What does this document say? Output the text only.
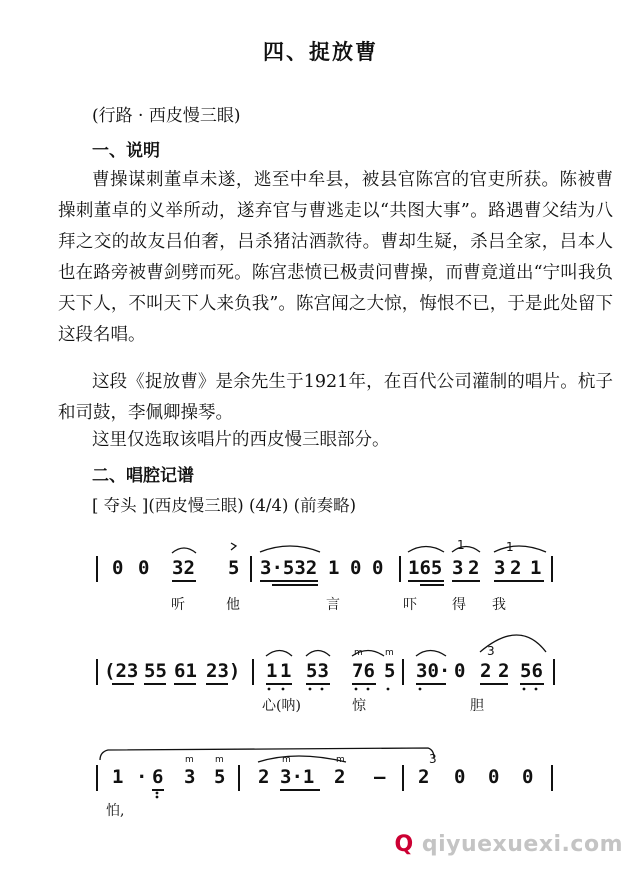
四、捉放曹
(行路 · 西皮慢三眼)
一、说明
曹操谋刺董卓未遂，逃至中牟县，被县官陈宫的官吏所获。陈被曹操刺董卓的义举所动，遂弃官与曹逃走以“共图大事”。路遇曹父结为八拜之交的故友吕伯奢，吕杀猪沽酒款待。曹却生疑，杀吕全家，吕本人也在路旁被曹剑劈而死。陈宫悲愤已极责问曹操，而曹竟道出“宁叫我负天下人，不叫天下人来负我”。陈宫闻之大惊，悔恨不已，于是此处留下这段名唱。
这段《捉放曹》是余先生于1921年，在百代公司灌制的唱片。杭子和司鼓，李佩卿操琴。
这里仅选取该唱片的西皮慢三眼部分。
二、唱腔记谱
[ 夺头 ](西皮慢三眼) (4/4) (前奏略)
0 0 32 5 3·532 1 0 0 165 3 2 3 2 1
1	1
听	他	言	吓	得 我
(23 55 61 23) 1 1 53 76 5 30· 0 2 2 56
3
心(呐)	惊	胆
1 · 6 3 5 2 3·1 2 – 2 0 0 0
3
怕,
m m
m m	m	m
Q qiyuexuexi.com
